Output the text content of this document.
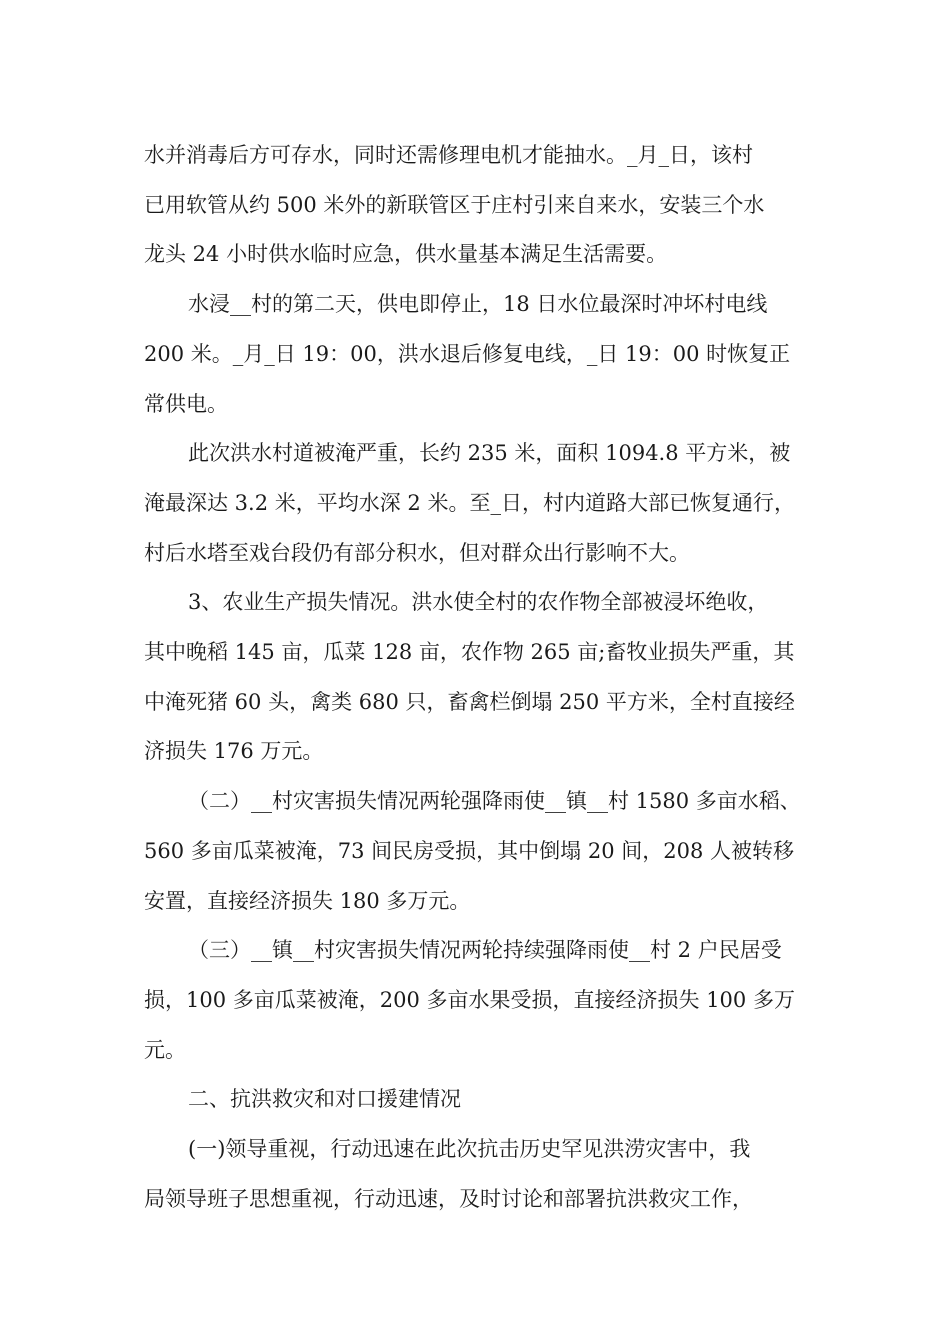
水并消毒后方可存水，同时还需修理电机才能抽水。_月_日，该村
已用软管从约 500 米外的新联管区于庄村引来自来水，安装三个水
龙头 24 小时供水临时应急，供水量基本满足生活需要。
水浸__村的第二天，供电即停止，18 日水位最深时冲坏村电线
200 米。_月_日 19：00，洪水退后修复电线，_日 19：00 时恢复正
常供电。
此次洪水村道被淹严重，长约 235 米，面积 1094.8 平方米，被
淹最深达 3.2 米，平均水深 2 米。至_日，村内道路大部已恢复通行，
村后水塔至戏台段仍有部分积水，但对群众出行影响不大。
3、农业生产损失情况。洪水使全村的农作物全部被浸坏绝收，
其中晚稻 145 亩，瓜菜 128 亩，农作物 265 亩;畜牧业损失严重，其
中淹死猪 60 头，禽类 680 只，畜禽栏倒塌 250 平方米，全村直接经
济损失 176 万元。
（二）__村灾害损失情况两轮强降雨使__镇__村 1580 多亩水稻、
560 多亩瓜菜被淹，73 间民房受损，其中倒塌 20 间，208 人被转移
安置，直接经济损失 180 多万元。
（三）__镇__村灾害损失情况两轮持续强降雨使__村 2 户民居受
损，100 多亩瓜菜被淹，200 多亩水果受损，直接经济损失 100 多万
元。
二、抗洪救灾和对口援建情况
(一)领导重视，行动迅速在此次抗击历史罕见洪涝灾害中，我
局领导班子思想重视，行动迅速，及时讨论和部署抗洪救灾工作，
